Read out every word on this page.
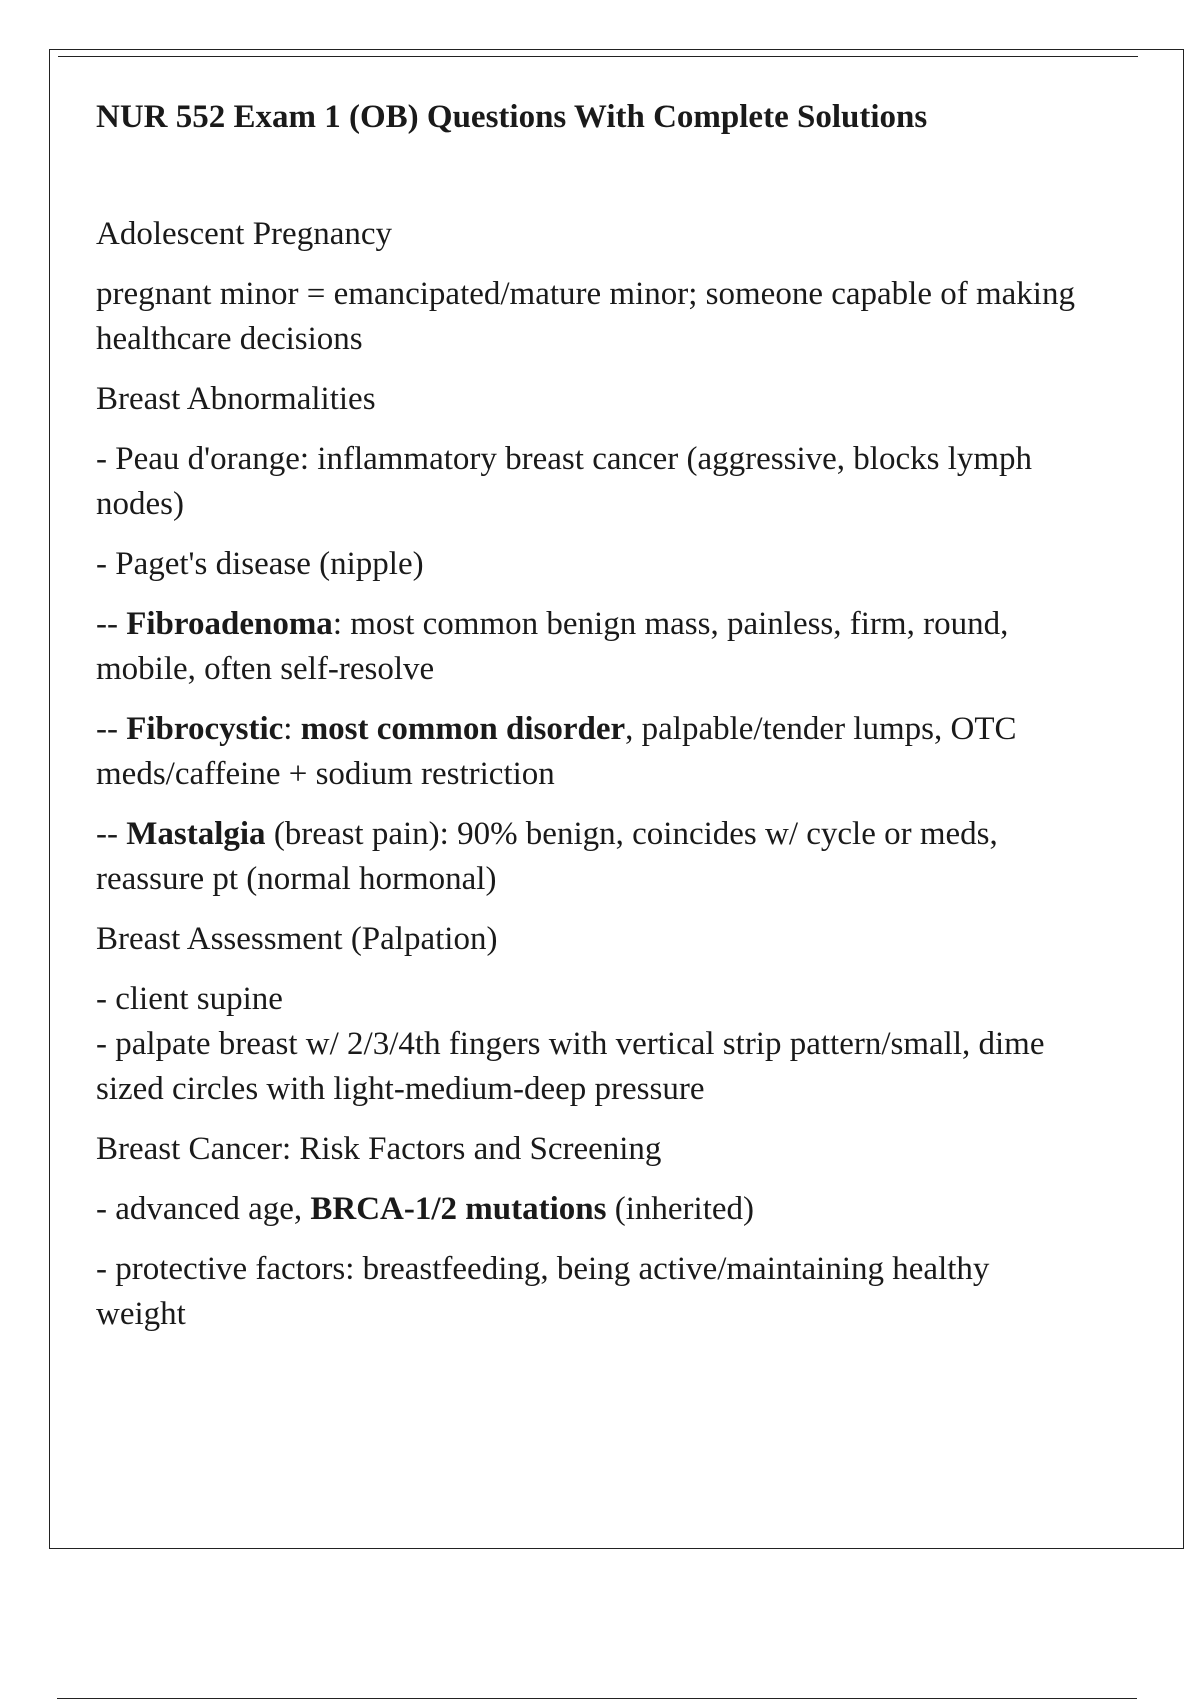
NUR 552 Exam 1 (OB) Questions With Complete Solutions

Adolescent Pregnancy

pregnant minor = emancipated/mature minor; someone capable of making healthcare decisions

Breast Abnormalities

- Peau d'orange: inflammatory breast cancer (aggressive, blocks lymph nodes)

- Paget's disease (nipple)

-- Fibroadenoma: most common benign mass, painless, firm, round, mobile, often self-resolve

-- Fibrocystic: most common disorder, palpable/tender lumps, OTC meds/caffeine + sodium restriction

-- Mastalgia (breast pain): 90% benign, coincides w/ cycle or meds, reassure pt (normal hormonal)

Breast Assessment (Palpation)

- client supine

- palpate breast w/ 2/3/4th fingers with vertical strip pattern/small, dime sized circles with light-medium-deep pressure

Breast Cancer: Risk Factors and Screening

- advanced age, BRCA-1/2 mutations (inherited)

- protective factors: breastfeeding, being active/maintaining healthy weight
